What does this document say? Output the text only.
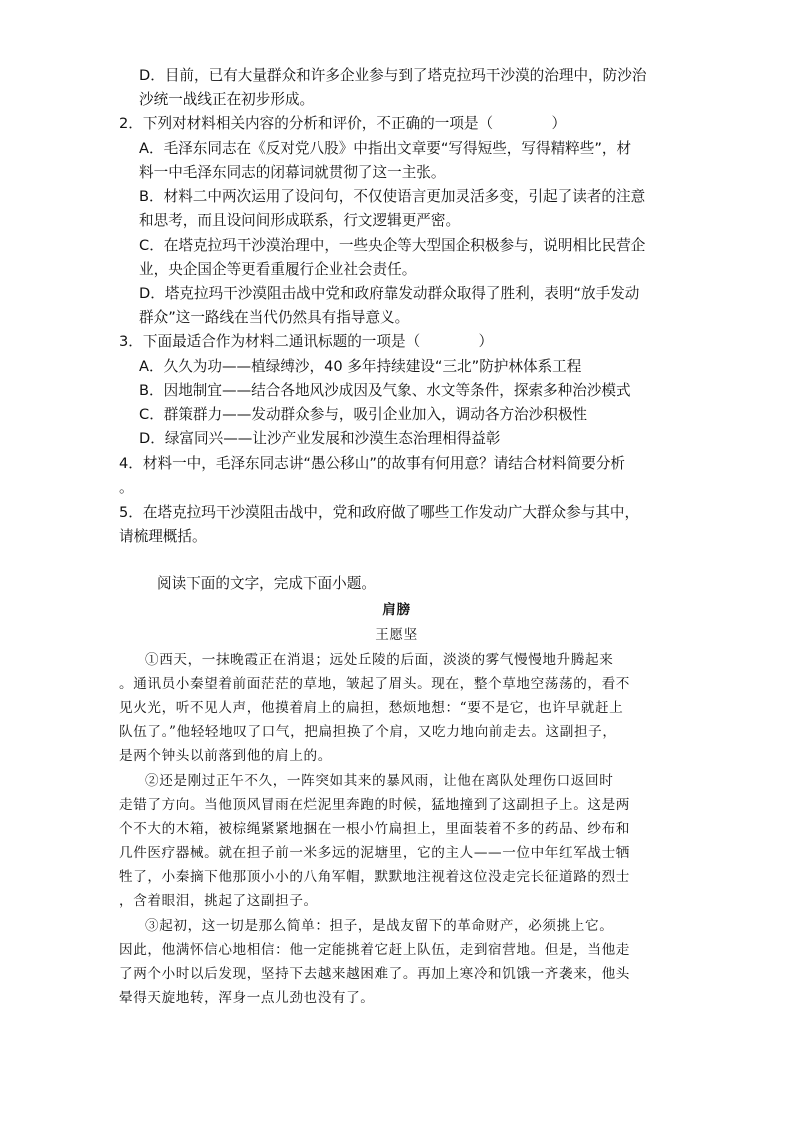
D．目前，已有大量群众和许多企业参与到了塔克拉玛干沙漠的治理中，防沙治
沙统一战线正在初步形成。
2．下列对材料相关内容的分析和评价，不正确的一项是（　　　　）
A．毛泽东同志在《反对党八股》中指出文章要“写得短些，写得精粹些”，材
料一中毛泽东同志的闭幕词就贯彻了这一主张。
B．材料二中两次运用了设问句，不仅使语言更加灵活多变，引起了读者的注意
和思考，而且设问间形成联系，行文逻辑更严密。
C．在塔克拉玛干沙漠治理中，一些央企等大型国企积极参与，说明相比民营企
业，央企国企等更看重履行企业社会责任。
D．塔克拉玛干沙漠阻击战中党和政府靠发动群众取得了胜利，表明“放手发动
群众”这一路线在当代仍然具有指导意义。
3．下面最适合作为材料二通讯标题的一项是（　　　　）
A．久久为功——植绿缚沙，40 多年持续建设“三北”防护林体系工程
B．因地制宜——结合各地风沙成因及气象、水文等条件，探索多种治沙模式
C．群策群力——发动群众参与，吸引企业加入，调动各方治沙积极性
D．绿富同兴——让沙产业发展和沙漠生态治理相得益彰
4．材料一中，毛泽东同志讲“愚公移山”的故事有何用意？请结合材料简要分析
。
5．在塔克拉玛干沙漠阻击战中，党和政府做了哪些工作发动广大群众参与其中，
请梳理概括。
阅读下面的文字，完成下面小题。
肩膀
王愿坚
①西天，一抹晚霞正在消退；远处丘陵的后面，淡淡的雾气慢慢地升腾起来
。通讯员小秦望着前面茫茫的草地，皱起了眉头。现在，整个草地空荡荡的，看不
见火光，听不见人声，他摸着肩上的扁担，愁烦地想：“要不是它，也许早就赶上
队伍了。”他轻轻地叹了口气，把扁担换了个肩，又吃力地向前走去。这副担子，
是两个钟头以前落到他的肩上的。
②还是刚过正午不久，一阵突如其来的暴风雨，让他在离队处理伤口返回时
走错了方向。当他顶风冒雨在烂泥里奔跑的时候，猛地撞到了这副担子上。这是两
个不大的木箱，被棕绳紧紧地捆在一根小竹扁担上，里面装着不多的药品、纱布和
几件医疗器械。就在担子前一米多远的泥塘里，它的主人——一位中年红军战士牺
牲了，小秦摘下他那顶小小的八角军帽，默默地注视着这位没走完长征道路的烈士
，含着眼泪，挑起了这副担子。
③起初，这一切是那么简单：担子，是战友留下的革命财产，必须挑上它。
因此，他满怀信心地相信：他一定能挑着它赶上队伍，走到宿营地。但是，当他走
了两个小时以后发现，坚持下去越来越困难了。再加上寒冷和饥饿一齐袭来，他头
晕得天旋地转，浑身一点儿劲也没有了。
